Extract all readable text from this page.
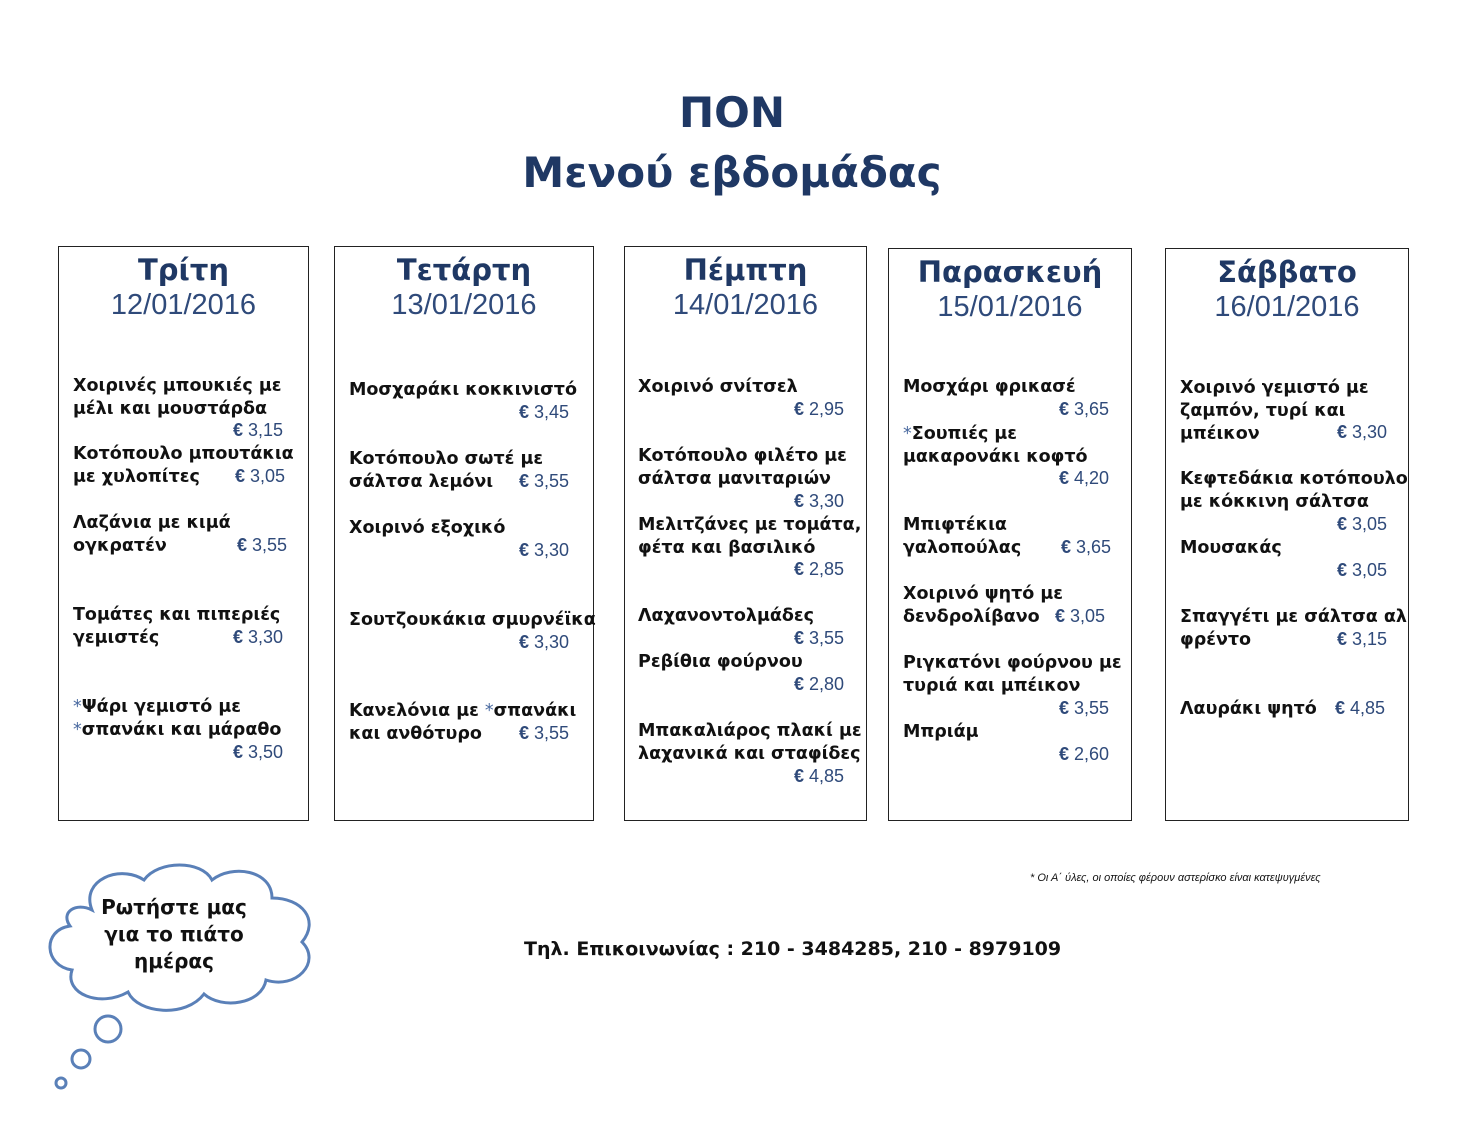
ΠΟΝ
Μενού εβδομάδας
Τρίτη
12/01/2016
Χοιρινές μπουκιές με
μέλι και μουστάρδα
€ 3,15
Κοτόπουλο μπουτάκια
με χυλοπίτες	€ 3,05
Λαζάνια με κιμά
ογκρατέν	€ 3,55
Τομάτες και πιπεριές
γεμιστές	€ 3,30
*Ψάρι γεμιστό με
*σπανάκι και μάραθο
€ 3,50
Τετάρτη
13/01/2016
Μοσχαράκι κοκκινιστό
€ 3,45
Κοτόπουλο σωτέ με
σάλτσα λεμόνι	€ 3,55
Χοιρινό εξοχικό
€ 3,30
Σουτζουκάκια σμυρνέϊκα
€ 3,30
Κανελόνια με *σπανάκι
και ανθότυρο	€ 3,55
Πέμπτη
14/01/2016
Χοιρινό σνίτσελ
€ 2,95
Κοτόπουλο φιλέτο με
σάλτσα μανιταριών
€ 3,30
Μελιτζάνες με τομάτα,
φέτα και βασιλικό
€ 2,85
Λαχανοντολμάδες
€ 3,55
Ρεβίθια φούρνου
€ 2,80
Μπακαλιάρος πλακί με
λαχανικά και σταφίδες
€ 4,85
Παρασκευή
15/01/2016
Μοσχάρι φρικασέ
€ 3,65
*Σουπιές με
μακαρονάκι κοφτό
€ 4,20
Μπιφτέκια
γαλοπούλας € 3,65
Χοιρινό ψητό με
δενδρολίβανο € 3,05
Ριγκατόνι φούρνου με
τυριά και μπέικον
€ 3,55
Μπριάμ
€ 2,60
Σάββατο
16/01/2016
Χοιρινό γεμιστό με
ζαμπόν, τυρί και
μπέικον	€ 3,30
Κεφτεδάκια κοτόπουλο
με κόκκινη σάλτσα
€ 3,05
Μουσακάς
€ 3,05
Σπαγγέτι με σάλτσα αλ
φρέντο	€ 3,15
Λαυράκι ψητό € 4,85
* Οι Α΄ ύλες, οι οποίες φέρουν αστερίσκο είναι κατεψυγμένες
Ρωτήστε μας
για το πιάτο
ημέρας	Τηλ. Επικοινωνίας : 210 - 3484285, 210 - 8979109
